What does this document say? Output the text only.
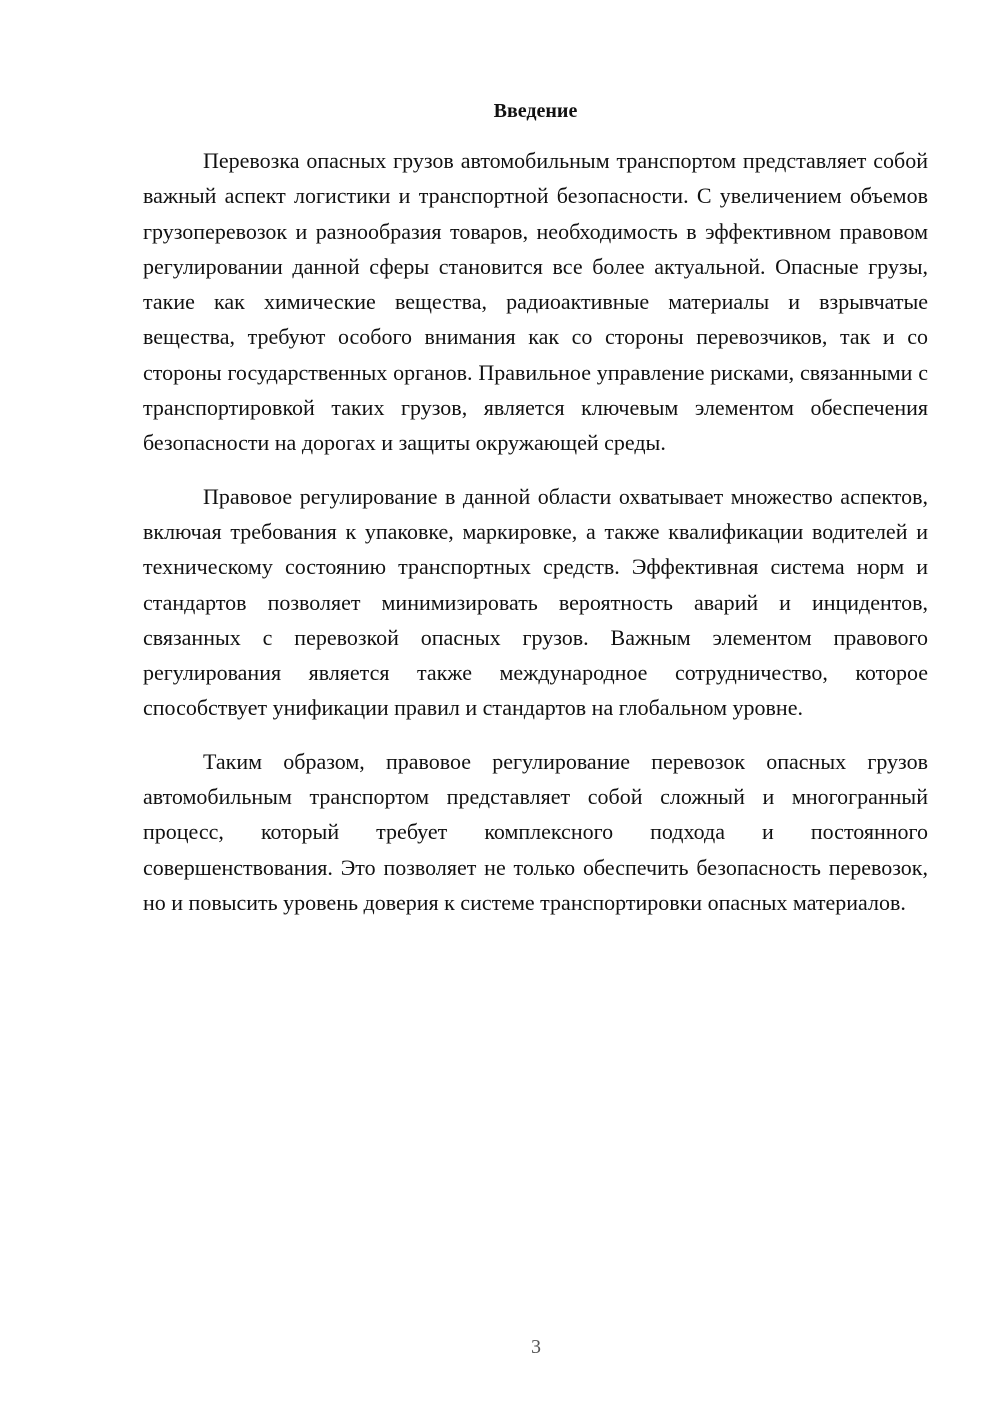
Введение

Перевозка опасных грузов автомобильным транспортом представляет собой важный аспект логистики и транспортной безопасности. С увеличением объемов грузоперевозок и разнообразия товаров, необходимость в эффективном правовом регулировании данной сферы становится все более актуальной. Опасные грузы, такие как химические вещества, радиоактивные материалы и взрывчатые вещества, требуют особого внимания как со стороны перевозчиков, так и со стороны государственных органов. Правильное управление рисками, связанными с транспортировкой таких грузов, является ключевым элементом обеспечения безопасности на дорогах и защиты окружающей среды.

Правовое регулирование в данной области охватывает множество аспектов, включая требования к упаковке, маркировке, а также квалификации водителей и техническому состоянию транспортных средств. Эффективная система норм и стандартов позволяет минимизировать вероятность аварий и инцидентов, связанных с перевозкой опасных грузов. Важным элементом правового регулирования является также международное сотрудничество, которое способствует унификации правил и стандартов на глобальном уровне.

Таким образом, правовое регулирование перевозок опасных грузов автомобильным транспортом представляет собой сложный и многогранный процесс, который требует комплексного подхода и постоянного совершенствования. Это позволяет не только обеспечить безопасность перевозок, но и повысить уровень доверия к системе транспортировки опасных материалов.

3
